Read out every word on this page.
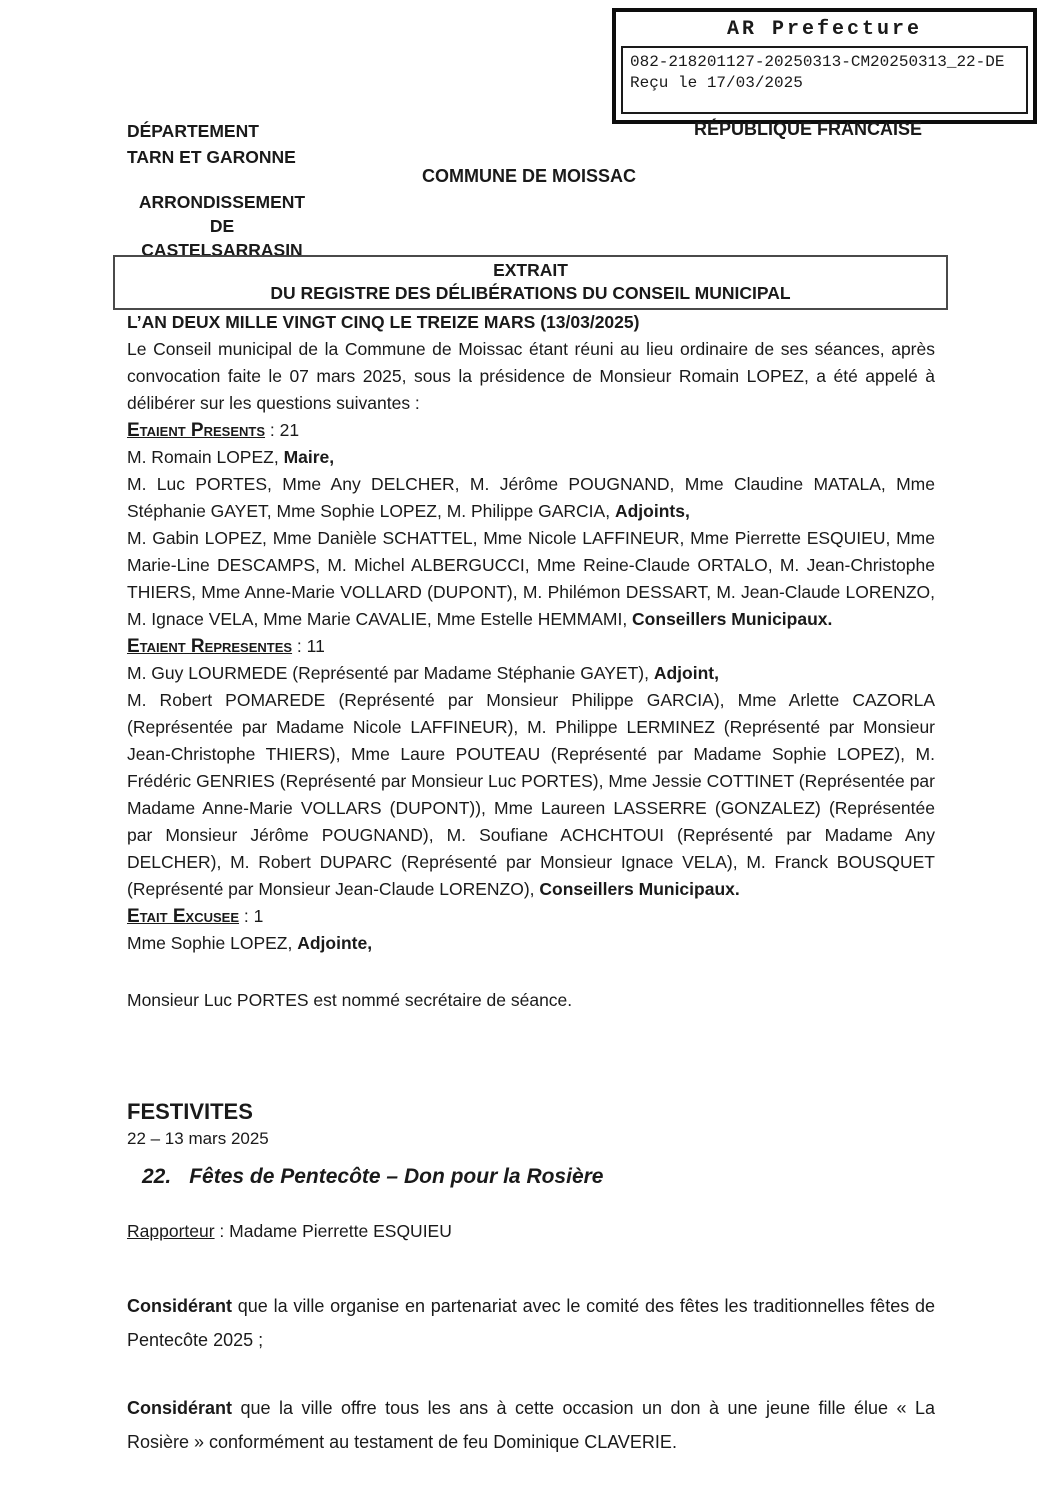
AR Prefecture
082-218201127-20250313-CM20250313_22-DE
Reçu le 17/03/2025
DÉPARTEMENT
TARN ET GARONNE
RÉPUBLIQUE FRANCAISE
COMMUNE DE MOISSAC
ARRONDISSEMENT
DE
CASTELSARRASIN
EXTRAIT
DU REGISTRE DES DÉLIBÉRATIONS DU CONSEIL MUNICIPAL

L’AN DEUX MILLE VINGT CINQ LE TREIZE MARS (13/03/2025)

Le Conseil municipal de la Commune de Moissac étant réuni au lieu ordinaire de ses séances, après convocation faite le 07 mars 2025, sous la présidence de Monsieur Romain LOPEZ, a été appelé à délibérer sur les questions suivantes :

Etaient Presents : 21

M. Romain LOPEZ, Maire,

M. Luc PORTES, Mme Any DELCHER, M. Jérôme POUGNAND, Mme Claudine MATALA, Mme Stéphanie GAYET, Mme Sophie LOPEZ, M. Philippe GARCIA, Adjoints,

M. Gabin LOPEZ, Mme Danièle SCHATTEL, Mme Nicole LAFFINEUR, Mme Pierrette ESQUIEU, Mme Marie-Line DESCAMPS, M. Michel ALBERGUCCI, Mme Reine-Claude ORTALO, M. Jean-Christophe THIERS, Mme Anne-Marie VOLLARD (DUPONT), M. Philémon DESSART, M. Jean-Claude LORENZO, M. Ignace VELA, Mme Marie CAVALIE, Mme Estelle HEMMAMI, Conseillers Municipaux.

Etaient Representes : 11

M. Guy LOURMEDE (Représenté par Madame Stéphanie GAYET), Adjoint,

M. Robert POMAREDE (Représenté par Monsieur Philippe GARCIA), Mme Arlette CAZORLA (Représentée par Madame Nicole LAFFINEUR), M. Philippe LERMINEZ (Représenté par Monsieur Jean-Christophe THIERS), Mme Laure POUTEAU (Représenté par Madame Sophie LOPEZ), M. Frédéric GENRIES (Représenté par Monsieur Luc PORTES), Mme Jessie COTTINET (Représentée par Madame Anne-Marie VOLLARS (DUPONT)), Mme Laureen LASSERRE (GONZALEZ) (Représentée par Monsieur Jérôme POUGNAND), M. Soufiane ACHCHTOUI (Représenté par Madame Any DELCHER), M. Robert DUPARC (Représenté par Monsieur Ignace VELA), M. Franck BOUSQUET (Représenté par Monsieur Jean-Claude LORENZO), Conseillers Municipaux.

Etait Excusee : 1

Mme Sophie LOPEZ, Adjointe,

Monsieur Luc PORTES est nommé secrétaire de séance.

FESTIVITES

22 – 13 mars 2025

22. Fêtes de Pentecôte – Don pour la Rosière

Rapporteur : Madame Pierrette ESQUIEU

Considérant que la ville organise en partenariat avec le comité des fêtes les traditionnelles fêtes de Pentecôte 2025 ;

Considérant que la ville offre tous les ans à cette occasion un don à une jeune fille élue « La Rosière » conformément au testament de feu Dominique CLAVERIE.
